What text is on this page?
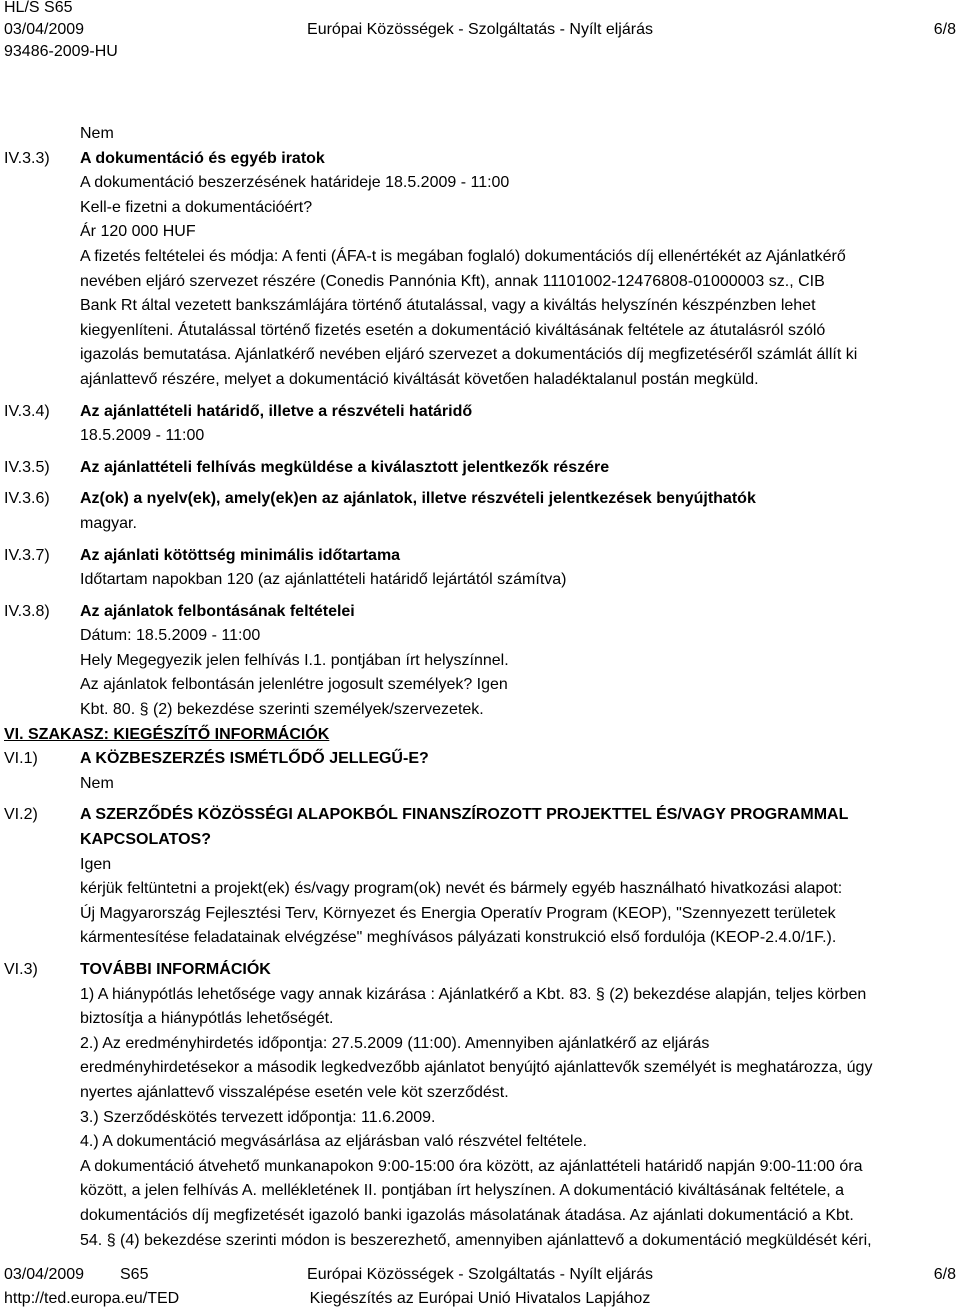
HL/S S65
03/04/2009	Európai Közösségek - Szolgáltatás - Nyílt eljárás	6/8
93486-2009-HU
Nem
IV.3.3)	A dokumentáció és egyéb iratok
A dokumentáció beszerzésének határideje 18.5.2009 - 11:00
Kell-e fizetni a dokumentációért?
Ár 120 000 HUF
A fizetés feltételei és módja: A fenti (ÁFA-t is megában foglaló) dokumentációs díj ellenértékét az Ajánlatkérő
nevében eljáró szervezet részére (Conedis Pannónia Kft), annak 11101002-12476808-01000003 sz., CIB
Bank Rt által vezetett bankszámlájára történő átutalással, vagy a kiváltás helyszínén készpénzben lehet
kiegyenlíteni. Átutalással történő fizetés esetén a dokumentáció kiváltásának feltétele az átutalásról szóló
igazolás bemutatása. Ajánlatkérő nevében eljáró szervezet a dokumentációs díj megfizetéséről számlát állít ki
ajánlattevő részére, melyet a dokumentáció kiváltását követően haladéktalanul postán megküld.
IV.3.4)	Az ajánlattételi határidő, illetve a részvételi határidő
18.5.2009 - 11:00
IV.3.5)	Az ajánlattételi felhívás megküldése a kiválasztott jelentkezők részére
IV.3.6)	Az(ok) a nyelv(ek), amely(ek)en az ajánlatok, illetve részvételi jelentkezések benyújthatók
magyar.
IV.3.7)	Az ajánlati kötöttség minimális időtartama
Időtartam napokban 120 (az ajánlattételi határidő lejártától számítva)
IV.3.8)	Az ajánlatok felbontásának feltételei
Dátum: 18.5.2009 - 11:00
Hely Megegyezik jelen felhívás I.1. pontjában írt helyszínnel.
Az ajánlatok felbontásán jelenlétre jogosult személyek? Igen
Kbt. 80. § (2) bekezdése szerinti személyek/szervezetek.
VI. SZAKASZ: KIEGÉSZÍTŐ INFORMÁCIÓK
VI.1)	A KÖZBESZERZÉS ISMÉTLŐDŐ JELLEGŰ-E?
Nem
VI.2)	A SZERZŐDÉS KÖZÖSSÉGI ALAPOKBÓL FINANSZÍROZOTT PROJEKTTEL ÉS/VAGY PROGRAMMAL
KAPCSOLATOS?
Igen
kérjük feltüntetni a projekt(ek) és/vagy program(ok) nevét és bármely egyéb használható hivatkozási alapot:
Új Magyarország Fejlesztési Terv, Környezet és Energia Operatív Program (KEOP), "Szennyezett területek
kármentesítése feladatainak elvégzése" meghívásos pályázati konstrukció első fordulója (KEOP-2.4.0/1F.).
VI.3)	TOVÁBBI INFORMÁCIÓK
1) A hiánypótlás lehetősége vagy annak kizárása : Ajánlatkérő a Kbt. 83. § (2) bekezdése alapján, teljes körben
biztosítja a hiánypótlás lehetőségét.
2.) Az eredményhirdetés időpontja: 27.5.2009 (11:00). Amennyiben ajánlatkérő az eljárás
eredményhirdetésekor a második legkedvezőbb ajánlatot benyújtó ajánlattevők személyét is meghatározza, úgy
nyertes ajánlattevő visszalépése esetén vele köt szerződést.
3.) Szerződéskötés tervezett időpontja: 11.6.2009.
4.) A dokumentáció megvásárlása az eljárásban való részvétel feltétele.
A dokumentáció átvehető munkanapokon 9:00-15:00 óra között, az ajánlattételi határidő napján 9:00-11:00 óra
között, a jelen felhívás A. mellékletének II. pontjában írt helyszínen. A dokumentáció kiváltásának feltétele, a
dokumentációs díj megfizetését igazoló banki igazolás másolatának átadása. Az ajánlati dokumentáció a Kbt.
54. § (4) bekezdése szerinti módon is beszerezhető, amennyiben ajánlattevő a dokumentáció megküldését kéri,
03/04/2009 S65	Európai Közösségek - Szolgáltatás - Nyílt eljárás	6/8
http://ted.europa.eu/TED	Kiegészítés az Európai Unió Hivatalos Lapjához
